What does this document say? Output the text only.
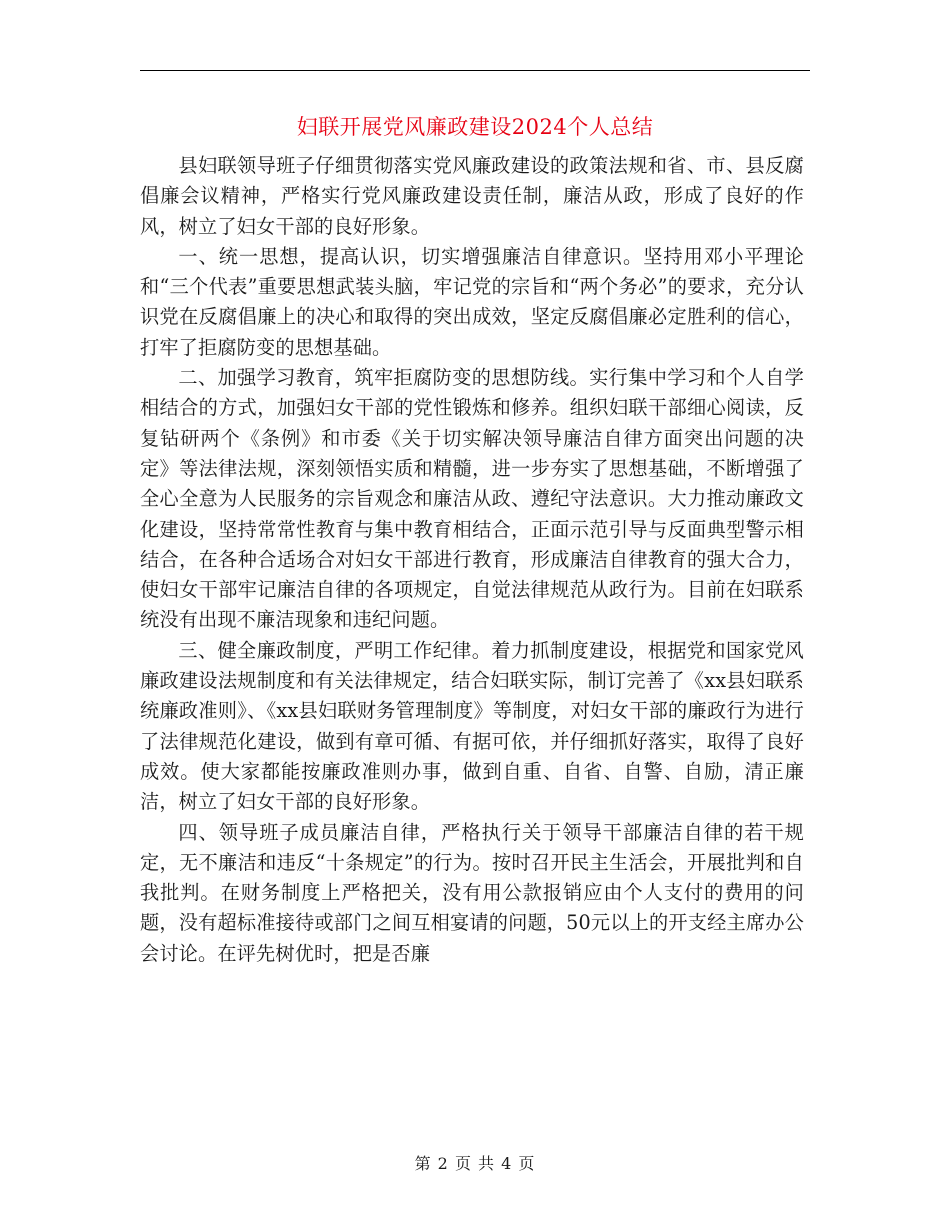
妇联开展党风廉政建设2024个人总结

县妇联领导班子仔细贯彻落实党风廉政建设的政策法规和省、市、县反腐倡廉会议精神，严格实行党风廉政建设责任制，廉洁从政，形成了良好的作风，树立了妇女干部的良好形象。

一、统一思想，提高认识，切实增强廉洁自律意识。坚持用邓小平理论和“三个代表”重要思想武装头脑，牢记党的宗旨和“两个务必”的要求，充分认识党在反腐倡廉上的决心和取得的突出成效，坚定反腐倡廉必定胜利的信心，打牢了拒腐防变的思想基础。

二、加强学习教育，筑牢拒腐防变的思想防线。实行集中学习和个人自学相结合的方式，加强妇女干部的党性锻炼和修养。组织妇联干部细心阅读，反复钻研两个《条例》和市委《关于切实解决领导廉洁自律方面突出问题的决定》等法律法规，深刻领悟实质和精髓，进一步夯实了思想基础，不断增强了全心全意为人民服务的宗旨观念和廉洁从政、遵纪守法意识。大力推动廉政文化建设，坚持常常性教育与集中教育相结合，正面示范引导与反面典型警示相结合，在各种合适场合对妇女干部进行教育，形成廉洁自律教育的强大合力，使妇女干部牢记廉洁自律的各项规定，自觉法律规范从政行为。目前在妇联系统没有出现不廉洁现象和违纪问题。

三、健全廉政制度，严明工作纪律。着力抓制度建设，根据党和国家党风廉政建设法规制度和有关法律规定，结合妇联实际，制订完善了《xx县妇联系统廉政准则》、《xx县妇联财务管理制度》等制度，对妇女干部的廉政行为进行了法律规范化建设，做到有章可循、有据可依，并仔细抓好落实，取得了良好成效。使大家都能按廉政准则办事，做到自重、自省、自警、自励，清正廉洁，树立了妇女干部的良好形象。

四、领导班子成员廉洁自律，严格执行关于领导干部廉洁自律的若干规定，无不廉洁和违反“十条规定”的行为。按时召开民主生活会，开展批判和自我批判。在财务制度上严格把关，没有用公款报销应由个人支付的费用的问题，没有超标准接待或部门之间互相宴请的问题，50元以上的开支经主席办公会讨论。在评先树优时，把是否廉

第 2 页 共 4 页
